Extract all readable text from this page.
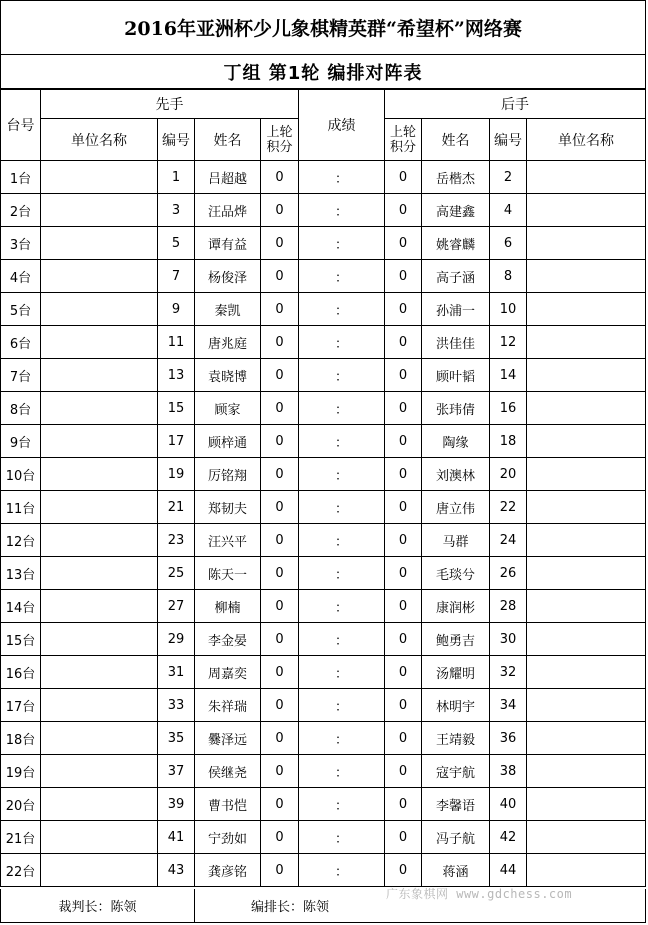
2016年亚洲杯少儿象棋精英群“希望杯”网络赛
丁组 第1轮 编排对阵表
台号	先手				成绩	后手			
	单位名称	编号	姓名	上轮积分		上轮积分	姓名	编号	单位名称
1台		1	吕超越	0	：	0	岳楷杰	2	
2台		3	汪品烨	0	：	0	高建鑫	4	
3台		5	谭有益	0	：	0	姚睿麟	6	
4台		7	杨俊泽	0	：	0	高子涵	8	
5台		9	秦凯	0	：	0	孙浦一	10	
6台		11	唐兆庭	0	：	0	洪佳佳	12	
7台		13	袁晓博	0	：	0	顾叶韬	14	
8台		15	顾家	0	：	0	张玮倩	16	
9台		17	顾梓通	0	：	0	陶缘	18	
10台		19	厉铭翔	0	：	0	刘澳林	20	
11台		21	郑韧夫	0	：	0	唐立伟	22	
12台		23	汪兴平	0	：	0	马群	24	
13台		25	陈天一	0	：	0	毛琰兮	26	
14台		27	柳楠	0	：	0	康润彬	28	
15台		29	李金晏	0	：	0	鲍勇吉	30	
16台		31	周嘉奕	0	：	0	汤耀明	32	
17台		33	朱祥瑞	0	：	0	林明宇	34	
18台		35	爨泽远	0	：	0	王靖毅	36	
19台		37	侯继尧	0	：	0	寇宇航	38	
20台		39	曹书恺	0	：	0	李馨语	40	
21台		41	宁劲如	0	：	0	冯子航	42	
22台		43	龚彦铭	0	：	0	蒋涵	44	
裁判长：陈领	编排长：陈领
广东象棋网 www.gdchess.com
